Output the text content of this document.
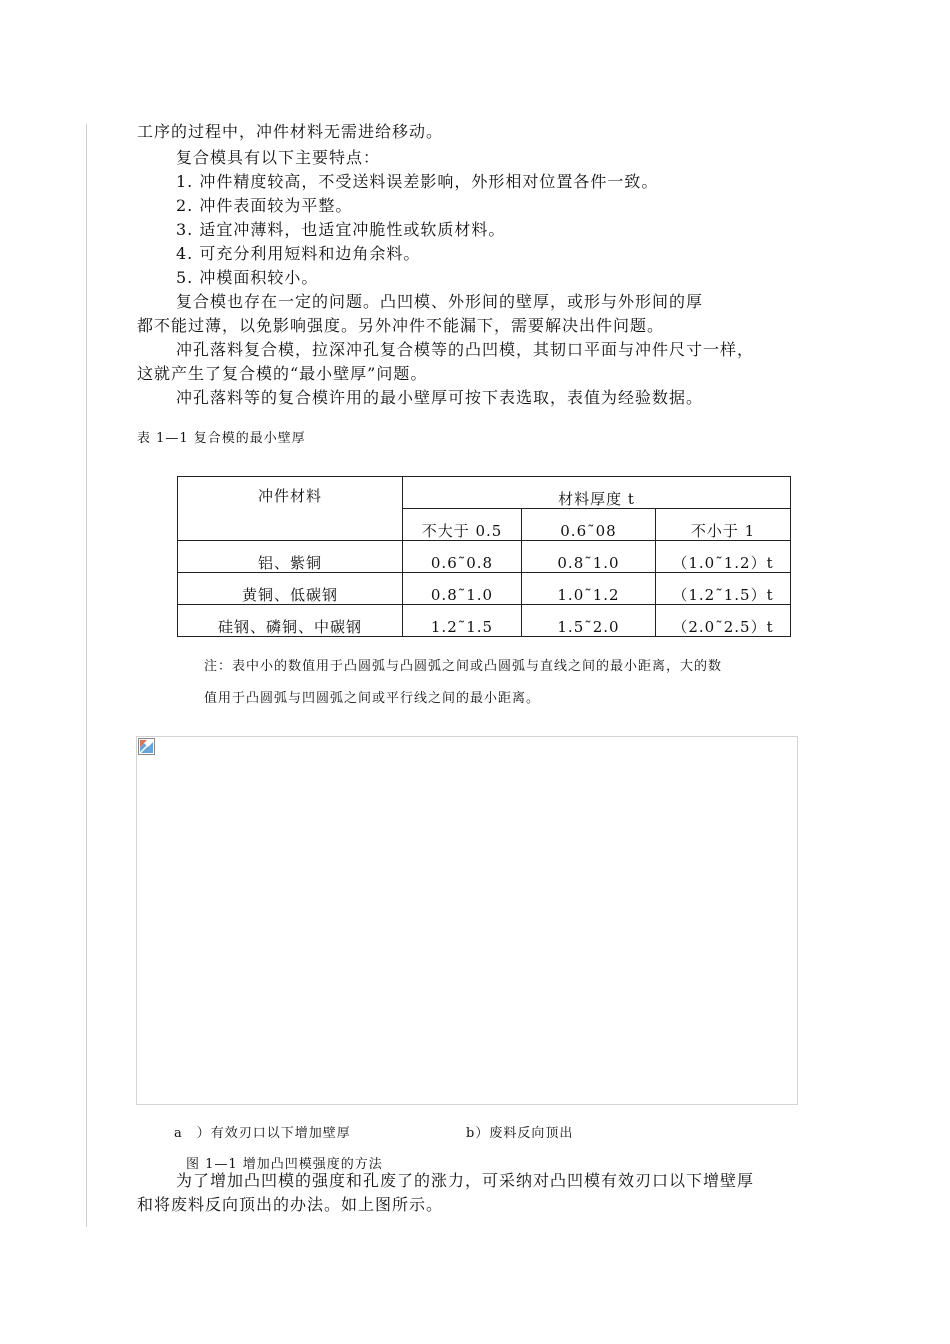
工序的过程中，冲件材料无需进给移动。

复合模具有以下主要特点：

1. 冲件精度较高，不受送料误差影响，外形相对位置各件一致。

2. 冲件表面较为平整。

3. 适宜冲薄料，也适宜冲脆性或软质材料。

4. 可充分利用短料和边角余料。

5. 冲模面积较小。

复合模也存在一定的问题。凸凹模、外形间的壁厚，或形与外形间的厚

都不能过薄，以免影响强度。另外冲件不能漏下，需要解决出件问题。

冲孔落料复合模，拉深冲孔复合模等的凸凹模，其韧口平面与冲件尺寸一样，

这就产生了复合模的“最小壁厚”问题。

冲孔落料等的复合模许用的最小壁厚可按下表选取，表值为经验数据。

表 1—1 复合模的最小壁厚

冲件材料	材料厚度 t		
	不大于 0.5	0.6˜08	不小于 1
铝、紫铜	0.6˜0.8	0.8˜1.0	（1.0˜1.2）t
黄铜、低碳钢	0.8˜1.0	1.0˜1.2	（1.2˜1.5）t
硅钢、磷铜、中碳钢	1.2˜1.5	1.5˜2.0	（2.0˜2.5）t

注：表中小的数值用于凸圆弧与凸圆弧之间或凸圆弧与直线之间的最小距离，大的数

值用于凸圆弧与凹圆弧之间或平行线之间的最小距离。

a　）有效刃口以下增加壁厚	b）废料反向顶出

图 1—1 增加凸凹模强度的方法

为了增加凸凹模的强度和孔废了的涨力，可采纳对凸凹模有效刃口以下增壁厚

和将废料反向顶出的办法。如上图所示。
